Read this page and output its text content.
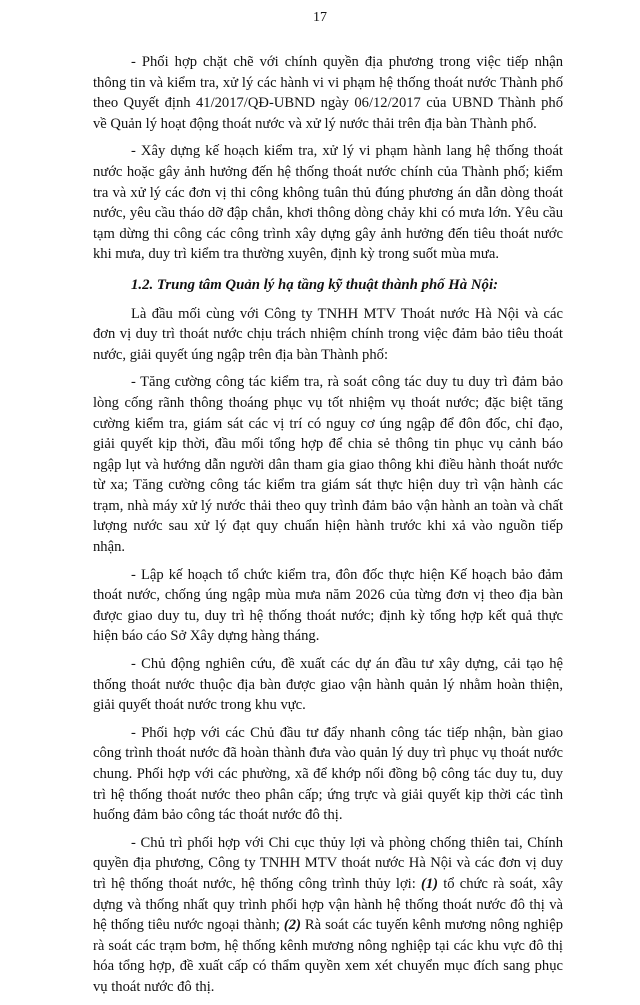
17

- Phối hợp chặt chẽ với chính quyền địa phương trong việc tiếp nhận thông tin và kiểm tra, xử lý các hành vi vi phạm hệ thống thoát nước Thành phố theo Quyết định 41/2017/QĐ-UBND ngày 06/12/2017 của UBND Thành phố về Quản lý hoạt động thoát nước và xử lý nước thải trên địa bàn Thành phố.

- Xây dựng kế hoạch kiểm tra, xử lý vi phạm hành lang hệ thống thoát nước hoặc gây ảnh hưởng đến hệ thống thoát nước chính của Thành phố; kiểm tra và xử lý các đơn vị thi công không tuân thủ đúng phương án dẫn dòng thoát nước, yêu cầu tháo dỡ đập chắn, khơi thông dòng chảy khi có mưa lớn. Yêu cầu tạm dừng thi công các công trình xây dựng gây ảnh hưởng đến tiêu thoát nước khi mưa, duy trì kiểm tra thường xuyên, định kỳ trong suốt mùa mưa.

1.2. Trung tâm Quản lý hạ tầng kỹ thuật thành phố Hà Nội:

Là đầu mối cùng với Công ty TNHH MTV Thoát nước Hà Nội và các đơn vị duy trì thoát nước chịu trách nhiệm chính trong việc đảm bảo tiêu thoát nước, giải quyết úng ngập trên địa bàn Thành phố:

- Tăng cường công tác kiểm tra, rà soát công tác duy tu duy trì đảm bảo lòng cống rãnh thông thoáng phục vụ tốt nhiệm vụ thoát nước; đặc biệt tăng cường kiểm tra, giám sát các vị trí có nguy cơ úng ngập để đôn đốc, chỉ đạo, giải quyết kịp thời, đầu mối tổng hợp để chia sẻ thông tin phục vụ cảnh báo ngập lụt và hướng dẫn người dân tham gia giao thông khi điều hành thoát nước từ xa; Tăng cường công tác kiểm tra giám sát thực hiện duy trì vận hành các trạm, nhà máy xử lý nước thải theo quy trình đảm bảo vận hành an toàn và chất lượng nước sau xử lý đạt quy chuẩn hiện hành trước khi xả vào nguồn tiếp nhận.

- Lập kế hoạch tổ chức kiểm tra, đôn đốc thực hiện Kế hoạch bảo đảm thoát nước, chống úng ngập mùa mưa năm 2026 của từng đơn vị theo địa bàn được giao duy tu, duy trì hệ thống thoát nước; định kỳ tổng hợp kết quả thực hiện báo cáo Sở Xây dựng hàng tháng.

- Chủ động nghiên cứu, đề xuất các dự án đầu tư xây dựng, cải tạo hệ thống thoát nước thuộc địa bàn được giao vận hành quản lý nhằm hoàn thiện, giải quyết thoát nước trong khu vực.

- Phối hợp với các Chủ đầu tư đẩy nhanh công tác tiếp nhận, bàn giao công trình thoát nước đã hoàn thành đưa vào quản lý duy trì phục vụ thoát nước chung. Phối hợp với các phường, xã để khớp nối đồng bộ công tác duy tu, duy trì hệ thống thoát nước theo phân cấp; ứng trực và giải quyết kịp thời các tình huống đảm bảo công tác thoát nước đô thị.

- Chủ trì phối hợp với Chi cục thủy lợi và phòng chống thiên tai, Chính quyền địa phương, Công ty TNHH MTV thoát nước Hà Nội và các đơn vị duy trì hệ thống thoát nước, hệ thống công trình thủy lợi: (1) tổ chức rà soát, xây dựng và thống nhất quy trình phối hợp vận hành hệ thống thoát nước đô thị và hệ thống tiêu nước ngoại thành; (2) Rà soát các tuyến kênh mương nông nghiệp rà soát các trạm bơm, hệ thống kênh mương nông nghiệp tại các khu vực đô thị hóa tổng hợp, đề xuất cấp có thẩm quyền xem xét chuyển mục đích sang phục vụ thoát nước đô thị.
